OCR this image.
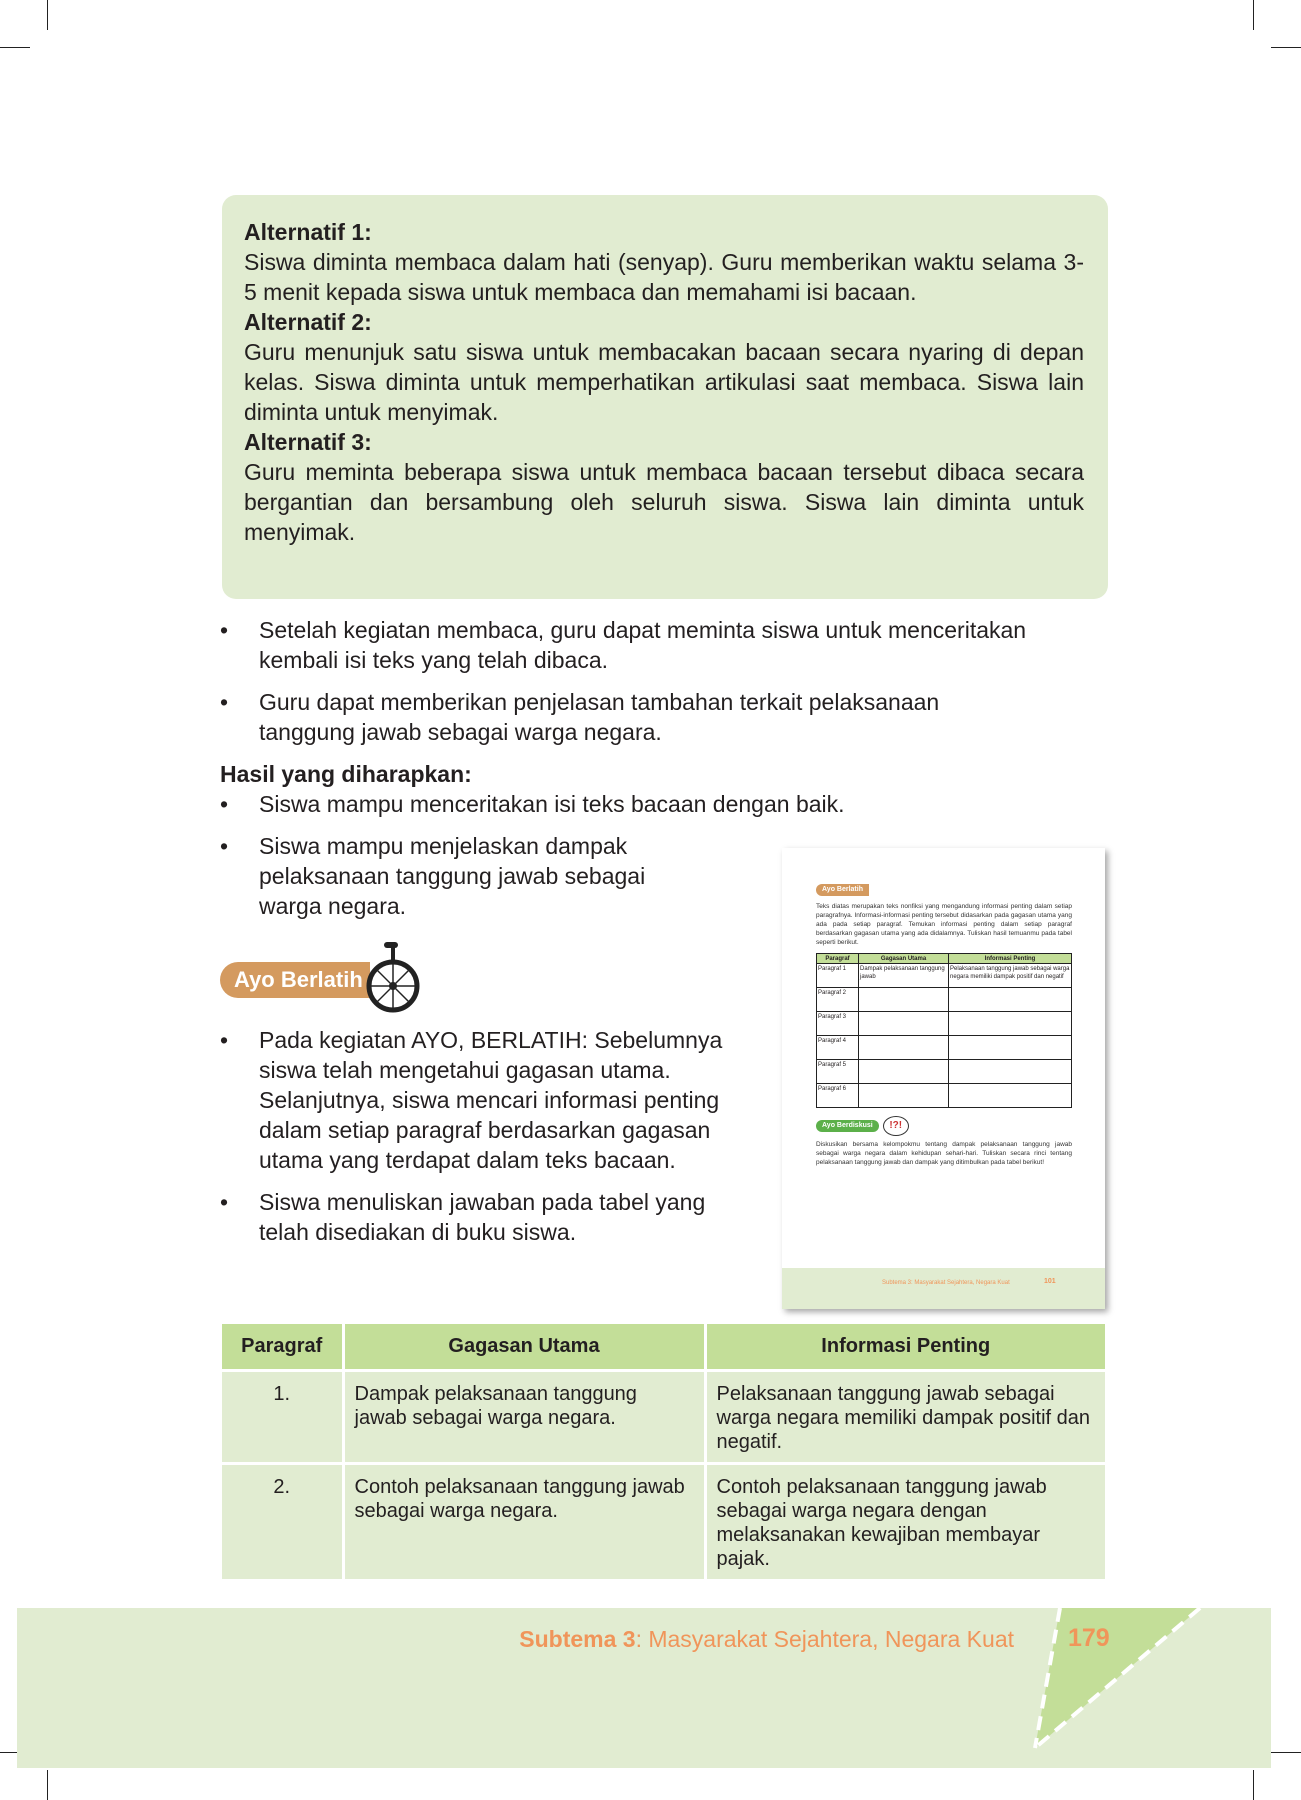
Alternatif 1:

Siswa diminta membaca dalam hati (senyap). Guru memberikan waktu selama 3-5 menit kepada siswa untuk membaca dan memahami isi bacaan.

Alternatif 2:

Guru menunjuk satu siswa untuk membacakan bacaan secara nyaring di depan kelas. Siswa diminta untuk memperhatikan artikulasi saat membaca. Siswa lain diminta untuk menyimak.

Alternatif 3:

Guru meminta beberapa siswa untuk membaca bacaan tersebut dibaca secara bergantian dan bersambung oleh seluruh siswa. Siswa lain diminta untuk menyimak.

• Setelah kegiatan membaca, guru dapat meminta siswa untuk menceritakan kembali isi teks yang telah dibaca.
• Guru dapat memberikan penjelasan tambahan terkait pelaksanaan tanggung jawab sebagai warga negara.
Hasil yang diharapkan:
• Siswa mampu menceritakan isi teks bacaan dengan baik.
• Siswa mampu menjelaskan dampak pelaksanaan tanggung jawab sebagai warga negara.
Ayo Berlatih
• Pada kegiatan AYO, BERLATIH: Sebelumnya siswa telah mengetahui gagasan utama. Selanjutnya, siswa mencari informasi penting dalam setiap paragraf berdasarkan gagasan utama yang terdapat dalam teks bacaan.
• Siswa menuliskan jawaban pada tabel yang telah disediakan di buku siswa.
Ayo Berlatih
Teks diatas merupakan teks nonfiksi yang mengandung informasi penting dalam setiap paragrafnya. Informasi-informasi penting tersebut didasarkan pada gagasan utama yang ada pada setiap paragraf. Temukan informasi penting dalam setiap paragraf berdasarkan gagasan utama yang ada didalamnya. Tuliskan hasil temuanmu pada tabel seperti berikut.
Paragraf	Gagasan Utama	Informasi Penting
Paragraf 1	Dampak pelaksanaan tanggung jawab	Pelaksanaan tanggung jawab sebagai warga negara memiliki dampak positif dan negatif
Paragraf 2		
Paragraf 3		
Paragraf 4		
Paragraf 5		
Paragraf 6		
Ayo Berdiskusi	!?!
Diskusikan bersama kelompokmu tentang dampak pelaksanaan tanggung jawab sebagai warga negara dalam kehidupan sehari-hari. Tuliskan secara rinci tentang pelaksanaan tanggung jawab dan dampak yang ditimbulkan pada tabel berikut!
Subtema 3: Masyarakat Sejahtera, Negara Kuat	101
Paragraf	Gagasan Utama	Informasi Penting
1.	Dampak pelaksanaan tanggung jawab sebagai warga negara.	Pelaksanaan tanggung jawab sebagai warga negara memiliki dampak positif dan negatif.
2.	Contoh pelaksanaan tanggung jawab sebagai warga negara.	Contoh pelaksanaan tanggung jawab sebagai warga negara dengan melaksanakan kewajiban membayar pajak.
Subtema 3: Masyarakat Sejahtera, Negara Kuat 179
